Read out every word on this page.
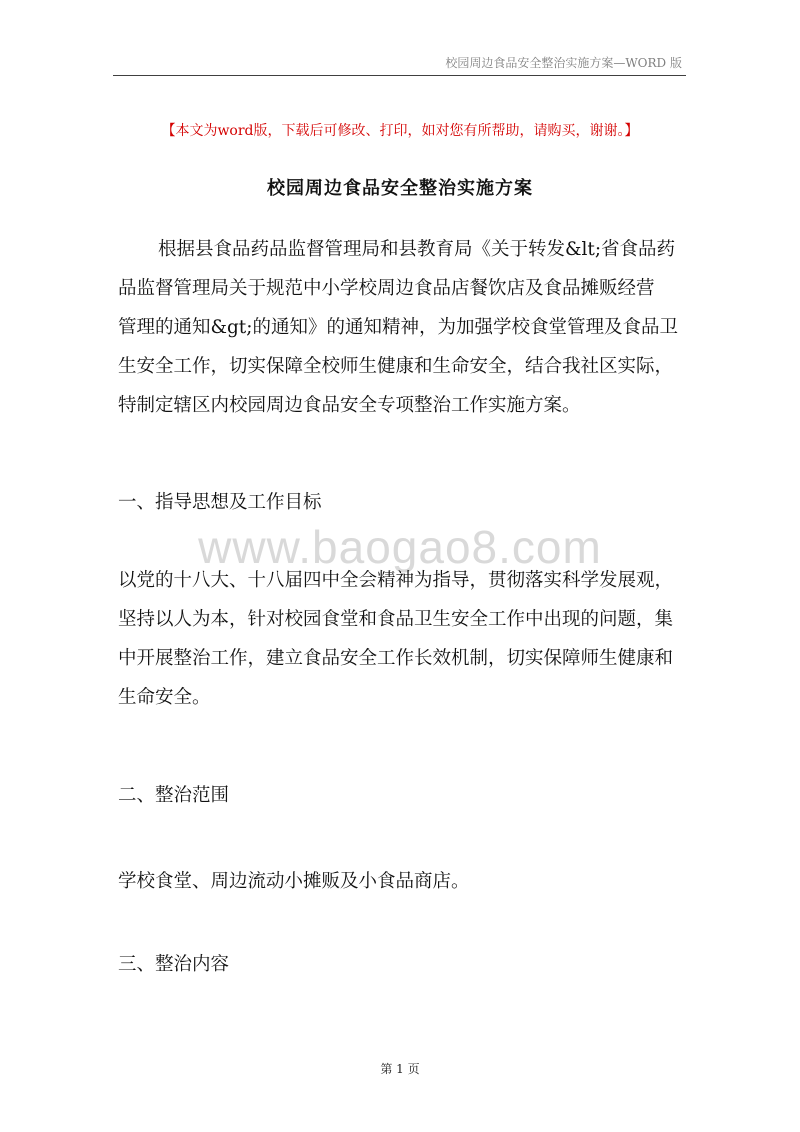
校园周边食品安全整治实施方案—WORD 版
【本文为word版，下载后可修改、打印，如对您有所帮助，请购买，谢谢。】
校园周边食品安全整治实施方案
根据县食品药品监督管理局和县教育局《关于转发&lt;省食品药
品监督管理局关于规范中小学校周边食品店餐饮店及食品摊贩经营
管理的通知&gt;的通知》的通知精神，为加强学校食堂管理及食品卫
生安全工作，切实保障全校师生健康和生命安全，结合我社区实际，
特制定辖区内校园周边食品安全专项整治工作实施方案。
一、指导思想及工作目标
www.baogao8.com
以党的十八大、十八届四中全会精神为指导，贯彻落实科学发展观，
坚持以人为本，针对校园食堂和食品卫生安全工作中出现的问题，集
中开展整治工作，建立食品安全工作长效机制，切实保障师生健康和
生命安全。
二、整治范围
学校食堂、周边流动小摊贩及小食品商店。
三、整治内容
第 1 页
